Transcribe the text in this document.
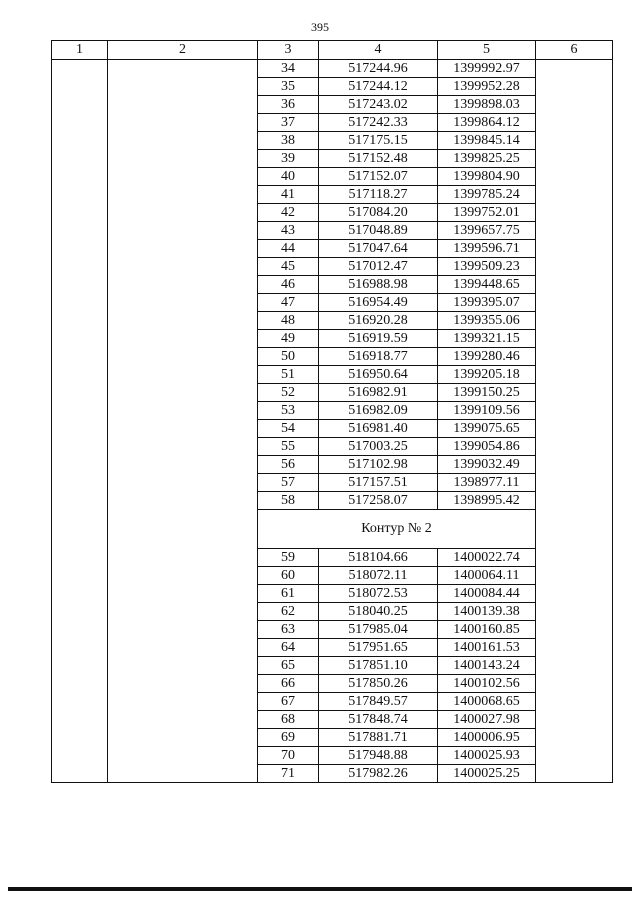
395
1	2	3	4	5	6
		34	517244.96	1399992.97	
		35	517244.12	1399952.28	
		36	517243.02	1399898.03	
		37	517242.33	1399864.12	
		38	517175.15	1399845.14	
		39	517152.48	1399825.25	
		40	517152.07	1399804.90	
		41	517118.27	1399785.24	
		42	517084.20	1399752.01	
		43	517048.89	1399657.75	
		44	517047.64	1399596.71	
		45	517012.47	1399509.23	
		46	516988.98	1399448.65	
		47	516954.49	1399395.07	
		48	516920.28	1399355.06	
		49	516919.59	1399321.15	
		50	516918.77	1399280.46	
		51	516950.64	1399205.18	
		52	516982.91	1399150.25	
		53	516982.09	1399109.56	
		54	516981.40	1399075.65	
		55	517003.25	1399054.86	
		56	517102.98	1399032.49	
		57	517157.51	1398977.11	
		58	517258.07	1398995.42	
		Контур № 2			
		59	518104.66	1400022.74	
		60	518072.11	1400064.11	
		61	518072.53	1400084.44	
		62	518040.25	1400139.38	
		63	517985.04	1400160.85	
		64	517951.65	1400161.53	
		65	517851.10	1400143.24	
		66	517850.26	1400102.56	
		67	517849.57	1400068.65	
		68	517848.74	1400027.98	
		69	517881.71	1400006.95	
		70	517948.88	1400025.93	
		71	517982.26	1400025.25	
